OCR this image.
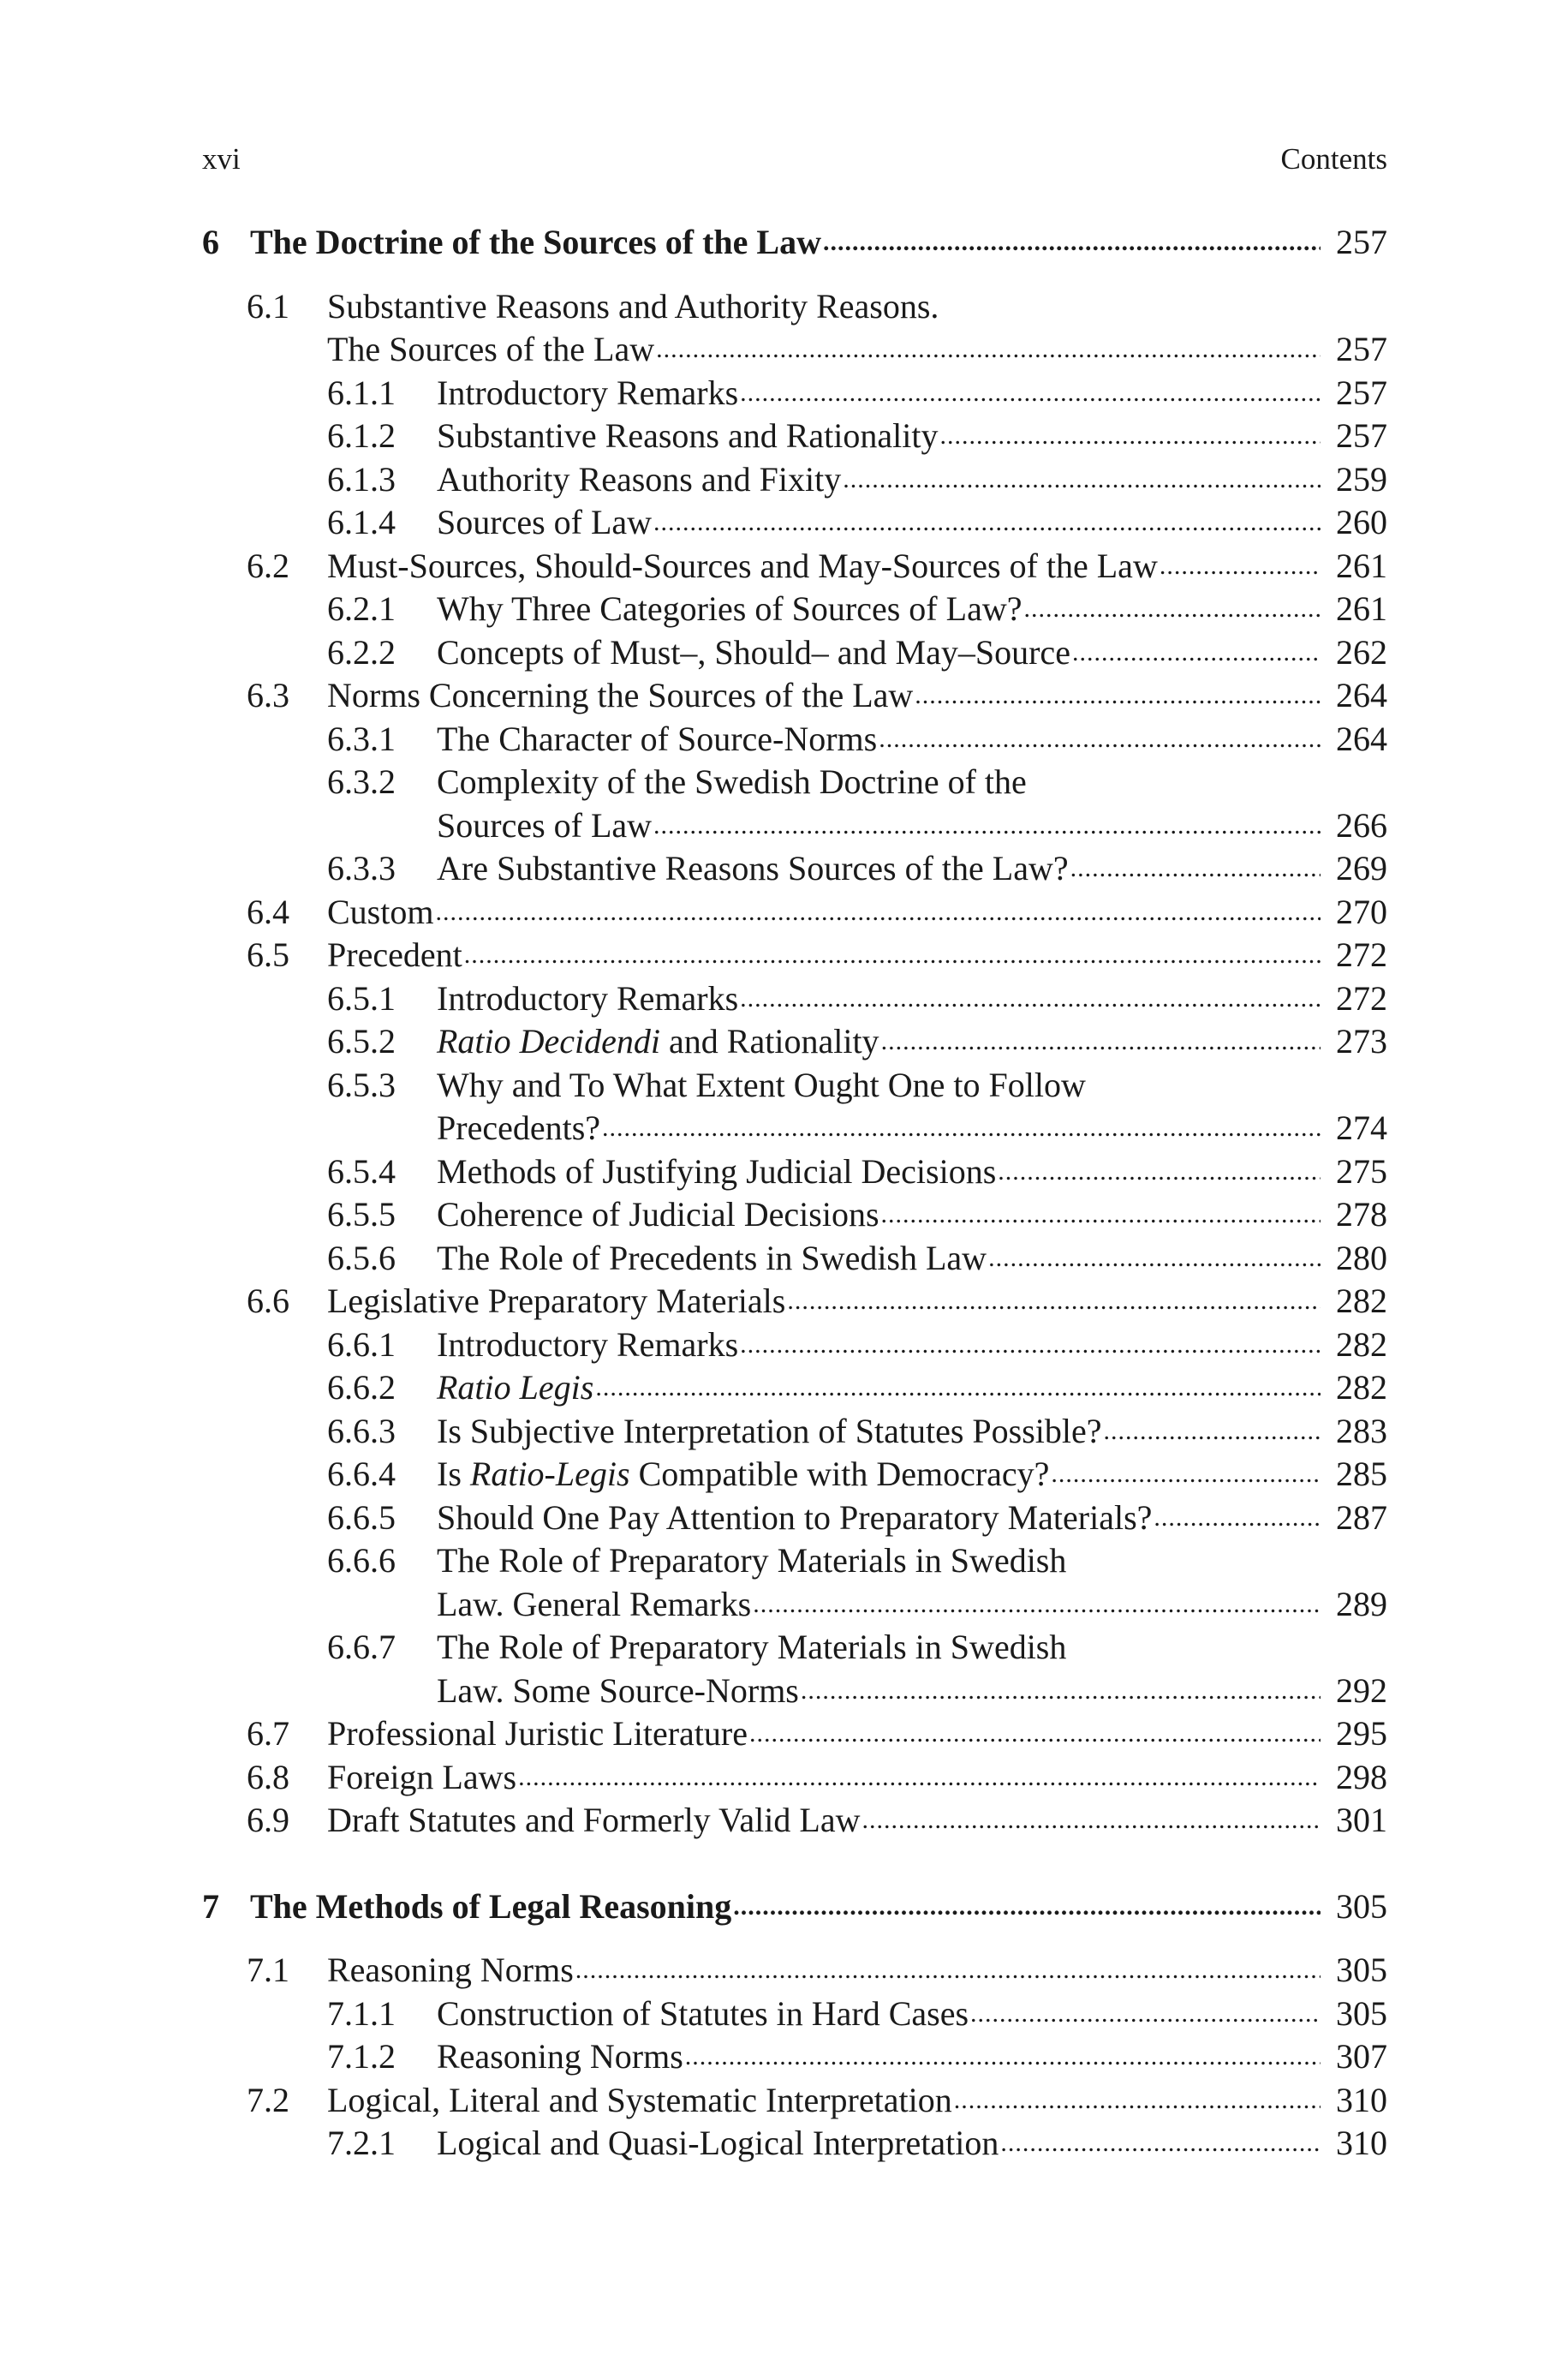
xvi	Contents
6 The Doctrine of the Sources of the Law .....	257
6.1 Substantive Reasons and Authority Reasons.
The Sources of the Law .....	257
6.1.1 Introductory Remarks .....	257
6.1.2 Substantive Reasons and Rationality .....	257
6.1.3 Authority Reasons and Fixity .....	259
6.1.4 Sources of Law .....	260
6.2 Must-Sources, Should-Sources and May-Sources of the Law .....	261
6.2.1 Why Three Categories of Sources of Law? .....	261
6.2.2 Concepts of Must–, Should– and May–Source .....	262
6.3 Norms Concerning the Sources of the Law .....	264
6.3.1 The Character of Source-Norms .....	264
6.3.2 Complexity of the Swedish Doctrine of the
Sources of Law .....	266
6.3.3 Are Substantive Reasons Sources of the Law? .....	269
6.4 Custom .....	270
6.5 Precedent .....	272
6.5.1 Introductory Remarks .....	272
6.5.2 Ratio Decidendi and Rationality .....	273
6.5.3 Why and To What Extent Ought One to Follow
Precedents? .....	274
6.5.4 Methods of Justifying Judicial Decisions .....	275
6.5.5 Coherence of Judicial Decisions .....	278
6.5.6 The Role of Precedents in Swedish Law .....	280
6.6 Legislative Preparatory Materials .....	282
6.6.1 Introductory Remarks .....	282
6.6.2 Ratio Legis .....	282
6.6.3 Is Subjective Interpretation of Statutes Possible? .....	283
6.6.4 Is Ratio-Legis Compatible with Democracy? .....	285
6.6.5 Should One Pay Attention to Preparatory Materials? .....	287
6.6.6 The Role of Preparatory Materials in Swedish
Law. General Remarks .....	289
6.6.7 The Role of Preparatory Materials in Swedish
Law. Some Source-Norms .....	292
6.7 Professional Juristic Literature .....	295
6.8 Foreign Laws .....	298
6.9 Draft Statutes and Formerly Valid Law .....	301
7 The Methods of Legal Reasoning .....	305
7.1 Reasoning Norms .....	305
7.1.1 Construction of Statutes in Hard Cases .....	305
7.1.2 Reasoning Norms .....	307
7.2 Logical, Literal and Systematic Interpretation .....	310
7.2.1 Logical and Quasi-Logical Interpretation .....	310
